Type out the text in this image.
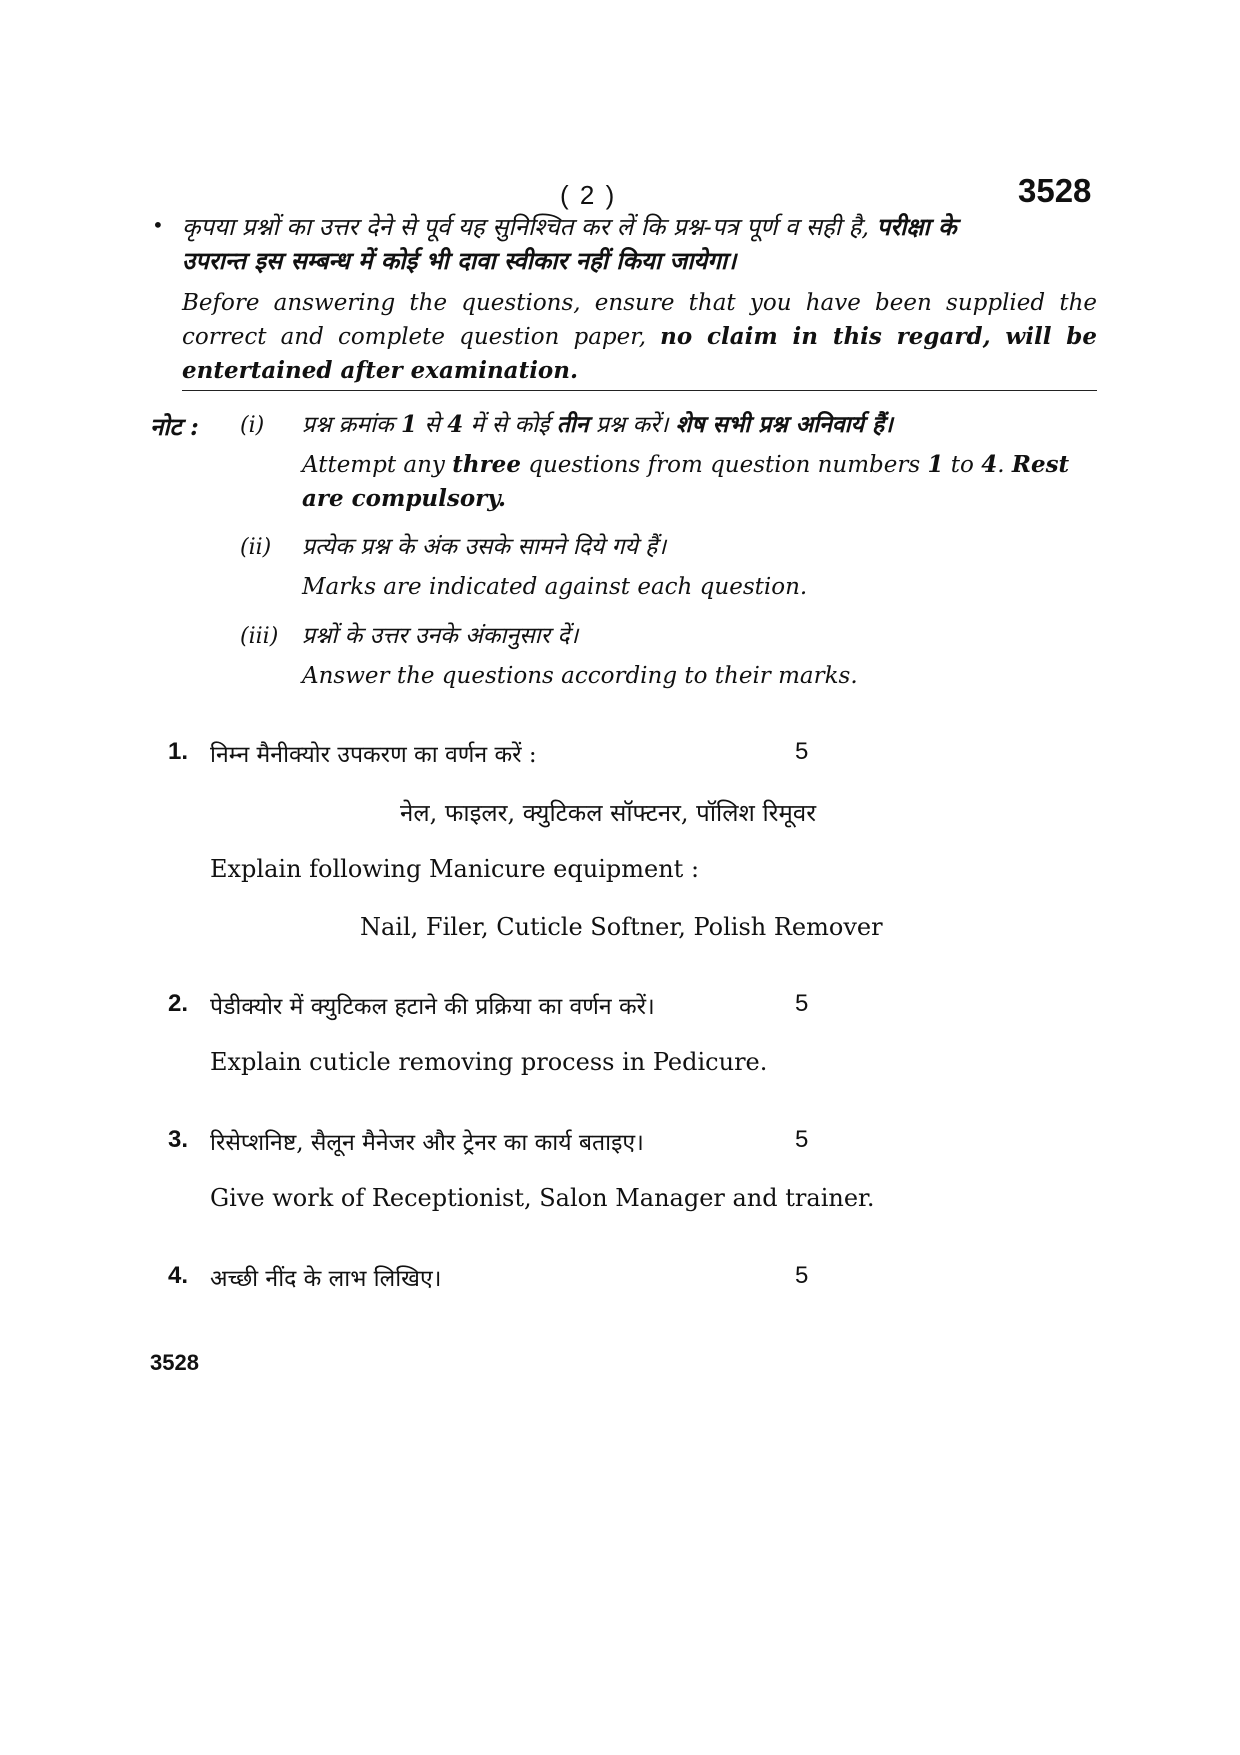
( 2 )	3528
• कृपया प्रश्नों का उत्तर देने से पूर्व यह सुनिश्चित कर लें कि प्रश्न-पत्र पूर्ण व सही है, परीक्षा के
उपरान्त इस सम्बन्ध में कोई भी दावा स्वीकार नहीं किया जायेगा।
Before answering the questions, ensure that you have been supplied the correct and complete question paper, no claim in this regard, will be entertained after examination.
नोट : (i) प्रश्न क्रमांक 1 से 4 में से कोई तीन प्रश्न करें। शेष सभी प्रश्न अनिवार्य हैं।
Attempt any three questions from question numbers 1 to 4. Rest are compulsory.
(ii) प्रत्येक प्रश्न के अंक उसके सामने दिये गये हैं।
Marks are indicated against each question.
(iii) प्रश्नों के उत्तर उनके अंकानुसार दें।
Answer the questions according to their marks.
1. निम्न मैनीक्योर उपकरण का वर्णन करें :	5
नेल, फाइलर, क्युटिकल सॉफ्टनर, पॉलिश रिमूवर
Explain following Manicure equipment :
Nail, Filer, Cuticle Softner, Polish Remover
2. पेडीक्योर में क्युटिकल हटाने की प्रक्रिया का वर्णन करें।	5
Explain cuticle removing process in Pedicure.
3. रिसेप्शनिष्ट, सैलून मैनेजर और ट्रेनर का कार्य बताइए।	5
Give work of Receptionist, Salon Manager and trainer.
4. अच्छी नींद के लाभ लिखिए।	5
3528
